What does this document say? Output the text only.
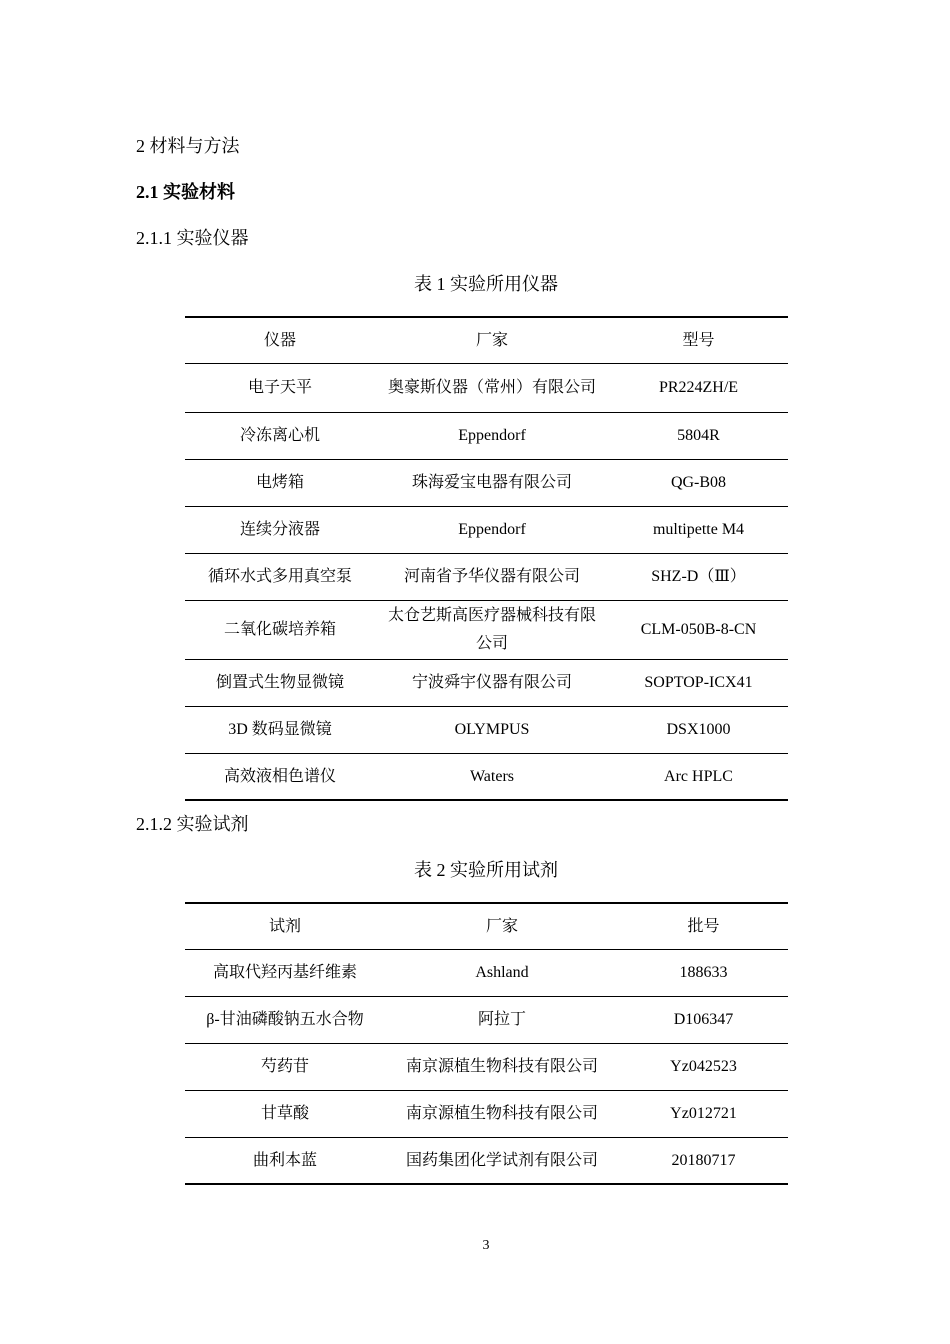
2 材料与方法
2.1 实验材料
2.1.1 实验仪器
表 1 实验所用仪器
仪器	厂家	型号
电子天平	奥豪斯仪器（常州）有限公司	PR224ZH/E
冷冻离心机	Eppendorf	5804R
电烤箱	珠海爱宝电器有限公司	QG-B08
连续分液器	Eppendorf	multipette M4
循环水式多用真空泵	河南省予华仪器有限公司	SHZ-D（Ⅲ）
二氧化碳培养箱	太仓艺斯高医疗器械科技有限公司	CLM-050B-8-CN
倒置式生物显微镜	宁波舜宇仪器有限公司	SOPTOP-ICX41
3D 数码显微镜	OLYMPUS	DSX1000
高效液相色谱仪	Waters	Arc HPLC
2.1.2 实验试剂
表 2 实验所用试剂
试剂	厂家	批号
高取代羟丙基纤维素	Ashland	188633
β-甘油磷酸钠五水合物	阿拉丁	D106347
芍药苷	南京源植生物科技有限公司	Yz042523
甘草酸	南京源植生物科技有限公司	Yz012721
曲利本蓝	国药集团化学试剂有限公司	20180717
3
